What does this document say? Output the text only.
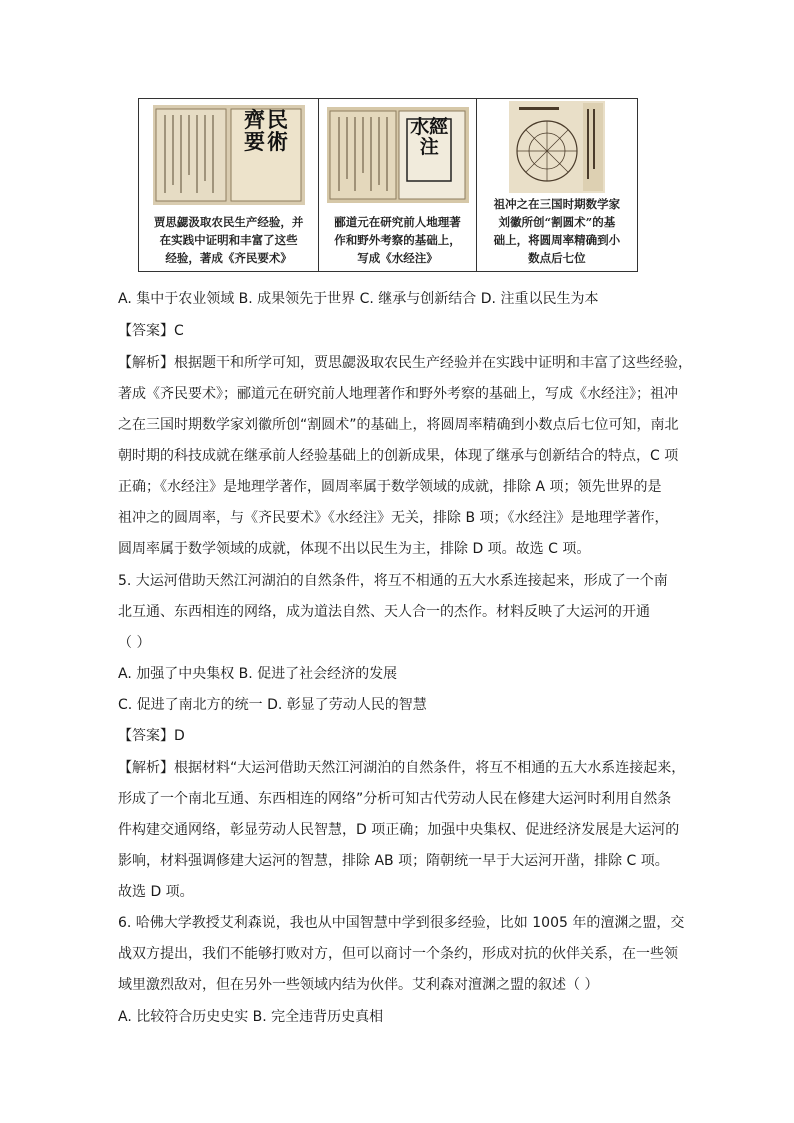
齊民要術
贾思勰汲取农民生产经验，并
在实践中证明和丰富了这些
经验，著成《齐民要术》
水經注
郦道元在研究前人地理著
作和野外考察的基础上，
写成《水经注》
祖冲之在三国时期数学家
刘徽所创“割圆术”的基
础上，将圆周率精确到小
数点后七位
A. 集中于农业领域 B. 成果领先于世界 C. 继承与创新结合 D. 注重以民生为本
【答案】C
【解析】根据题干和所学可知，贾思勰汲取农民生产经验并在实践中证明和丰富了这些经验，
著成《齐民要术》；郦道元在研究前人地理著作和野外考察的基础上，写成《水经注》；祖冲
之在三国时期数学家刘徽所创“割圆术”的基础上，将圆周率精确到小数点后七位可知，南北
朝时期的科技成就在继承前人经验基础上的创新成果，体现了继承与创新结合的特点，C 项
正确；《水经注》是地理学著作，圆周率属于数学领域的成就，排除 A 项；领先世界的是
祖冲之的圆周率，与《齐民要术》《水经注》无关，排除 B 项；《水经注》是地理学著作，
圆周率属于数学领域的成就，体现不出以民生为主，排除 D 项。故选 C 项。
5. 大运河借助天然江河湖泊的自然条件，将互不相通的五大水系连接起来，形成了一个南
北互通、东西相连的网络，成为道法自然、天人合一的杰作。材料反映了大运河的开通
（ ）
A. 加强了中央集权 B. 促进了社会经济的发展
C. 促进了南北方的统一 D. 彰显了劳动人民的智慧
【答案】D
【解析】根据材料“大运河借助天然江河湖泊的自然条件，将互不相通的五大水系连接起来，
形成了一个南北互通、东西相连的网络”分析可知古代劳动人民在修建大运河时利用自然条
件构建交通网络，彰显劳动人民智慧，D 项正确；加强中央集权、促进经济发展是大运河的
影响，材料强调修建大运河的智慧，排除 AB 项；隋朝统一早于大运河开凿，排除 C 项。
故选 D 项。
6. 哈佛大学教授艾利森说，我也从中国智慧中学到很多经验，比如 1005 年的澶渊之盟，交
战双方提出，我们不能够打败对方，但可以商讨一个条约，形成对抗的伙伴关系，在一些领
域里激烈敌对，但在另外一些领域内结为伙伴。艾利森对澶渊之盟的叙述（ ）
A. 比较符合历史史实 B. 完全违背历史真相
